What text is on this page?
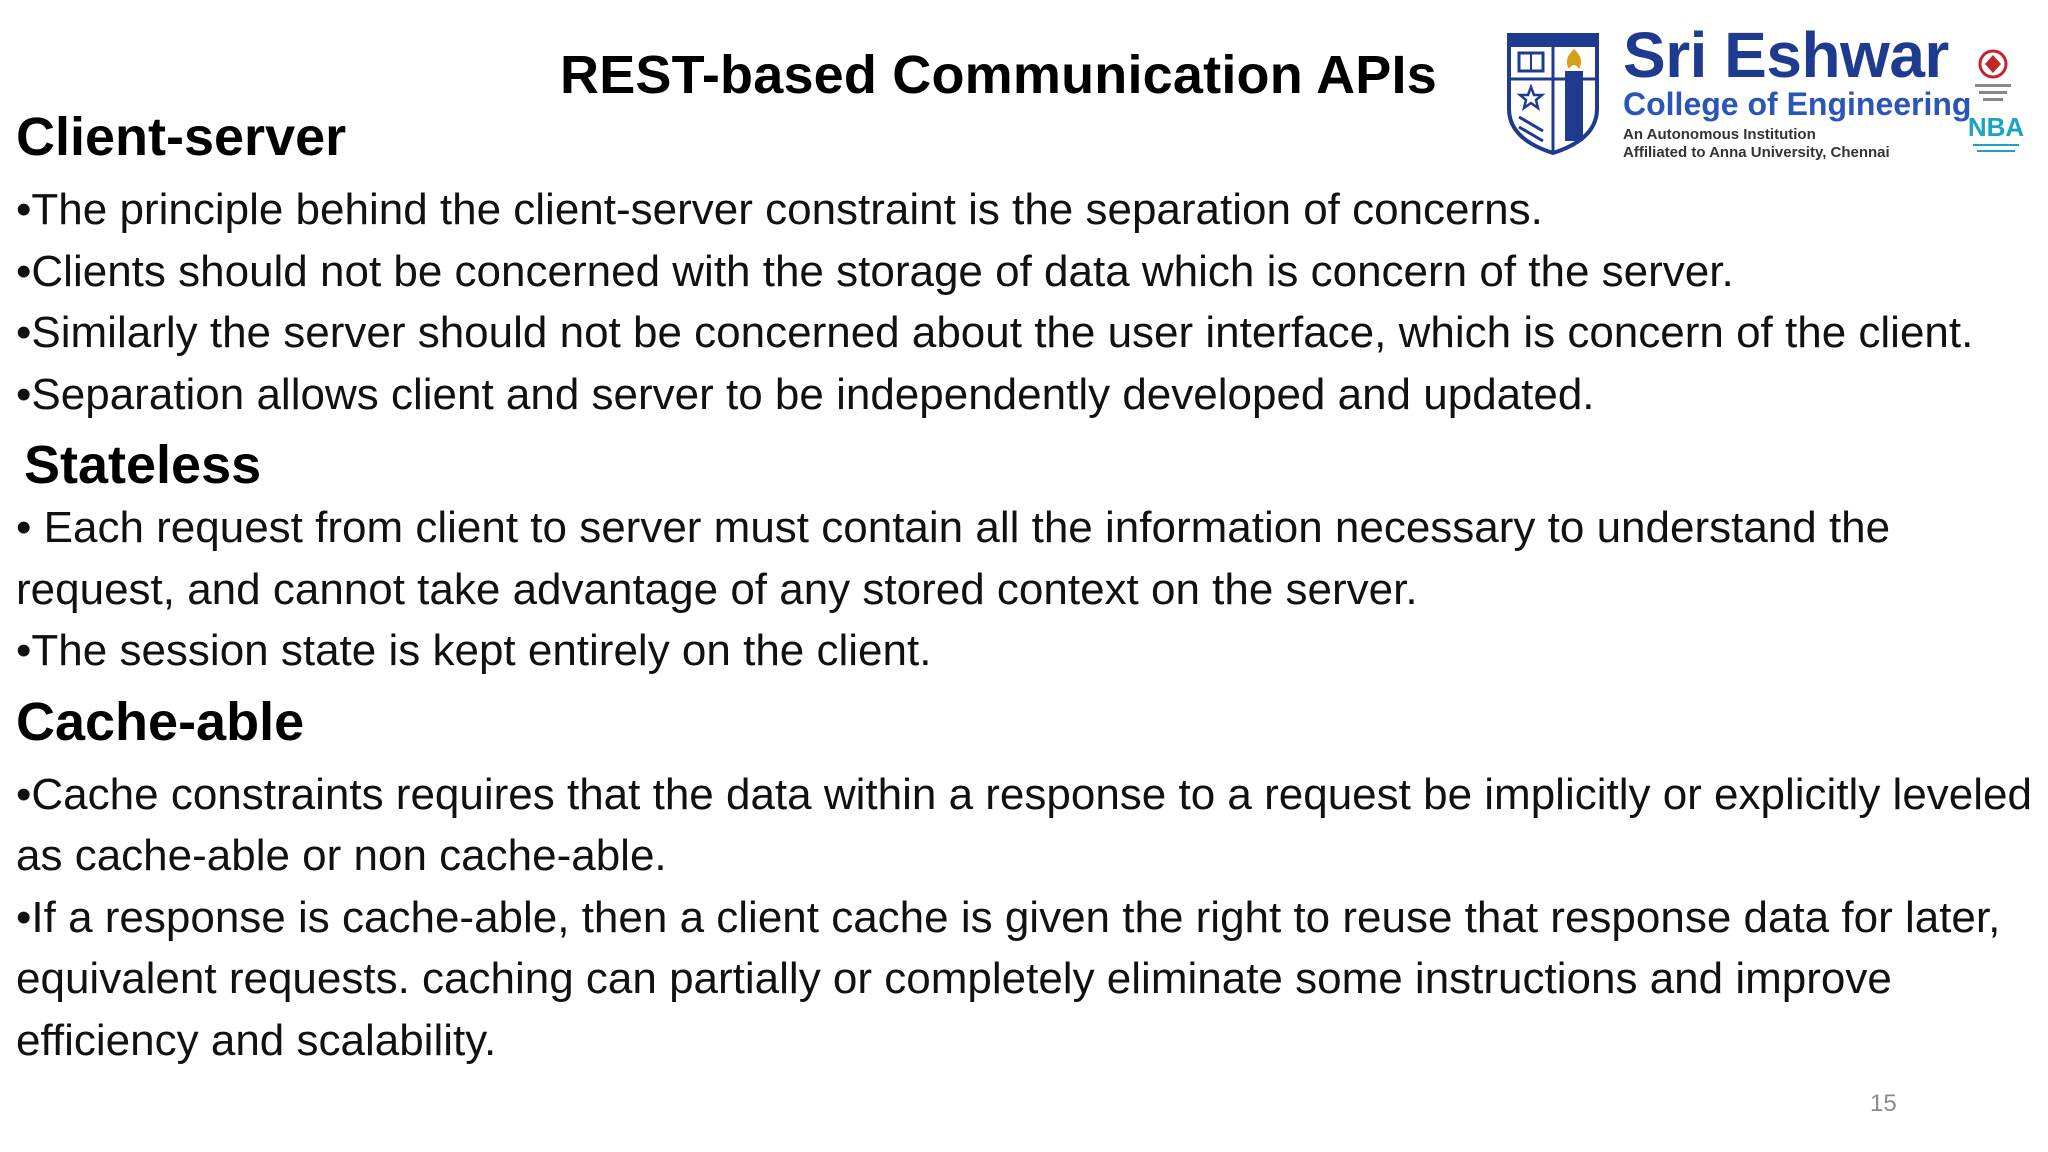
REST-based Communication APIs	Sri Eshwar
College of Engineering
An Autonomous Institution
Affiliated to Anna University, Chennai
NBA
Client-server

•The principle behind the client-server constraint is the separation of concerns.

•Clients should not be concerned with the storage of data which is concern of the server.

•Similarly the server should not be concerned about the user interface, which is concern of the client.

•Separation allows client and server to be independently developed and updated.

Stateless

• Each request from client to server must contain all the information necessary to understand the request, and cannot take advantage of any stored context on the server.

•The session state is kept entirely on the client.

Cache-able

•Cache constraints requires that the data within a response to a request be implicitly or explicitly leveled as cache-able or non cache-able.

•If a response is cache-able, then a client cache is given the right to reuse that response data for later, equivalent requests. caching can partially or completely eliminate some instructions and improve efficiency and scalability.

15
